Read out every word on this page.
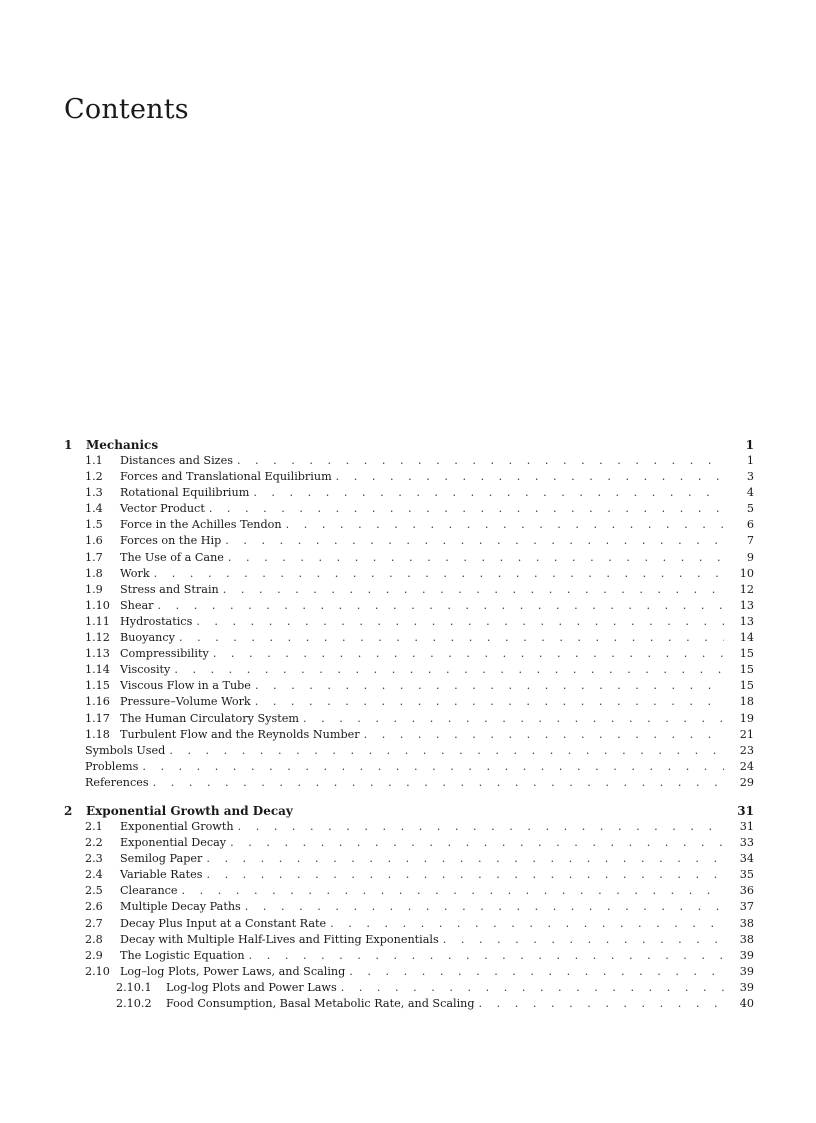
Contents
1	Mechanics	1
1.1	Distances and Sizes . . .	1
1.2	Forces and Translational Equilibrium . . .	3
1.3	Rotational Equilibrium . . .	4
1.4	Vector Product . . .	5
1.5	Force in the Achilles Tendon . . .	6
1.6	Forces on the Hip . . .	7
1.7	The Use of a Cane . . .	9
1.8	Work . . .	10
1.9	Stress and Strain . . .	12
1.10 Shear . . .	13
1.11 Hydrostatics . . .	13
1.12 Buoyancy . . .	14
1.13 Compressibility . . .	15
1.14 Viscosity . . .	15
1.15 Viscous Flow in a Tube . . .	15
1.16 Pressure–Volume Work . . .	18
1.17 The Human Circulatory System . . .	19
1.18 Turbulent Flow and the Reynolds Number . . .	21
Symbols Used . . .	23
Problems . . .	24
References . . .	29
2	Exponential Growth and Decay	31
2.1	Exponential Growth . . .	31
2.2	Exponential Decay . . .	33
2.3	Semilog Paper . . .	34
2.4	Variable Rates . . .	35
2.5	Clearance . . .	36
2.6	Multiple Decay Paths . . .	37
2.7	Decay Plus Input at a Constant Rate . . .	38
2.8	Decay with Multiple Half-Lives and Fitting Exponentials . . .	38
2.9	The Logistic Equation . . .	39
2.10 Log–log Plots, Power Laws, and Scaling . . .	39
2.10.1	Log-log Plots and Power Laws . . .	39
2.10.2	Food Consumption, Basal Metabolic Rate, and Scaling . . .	40
